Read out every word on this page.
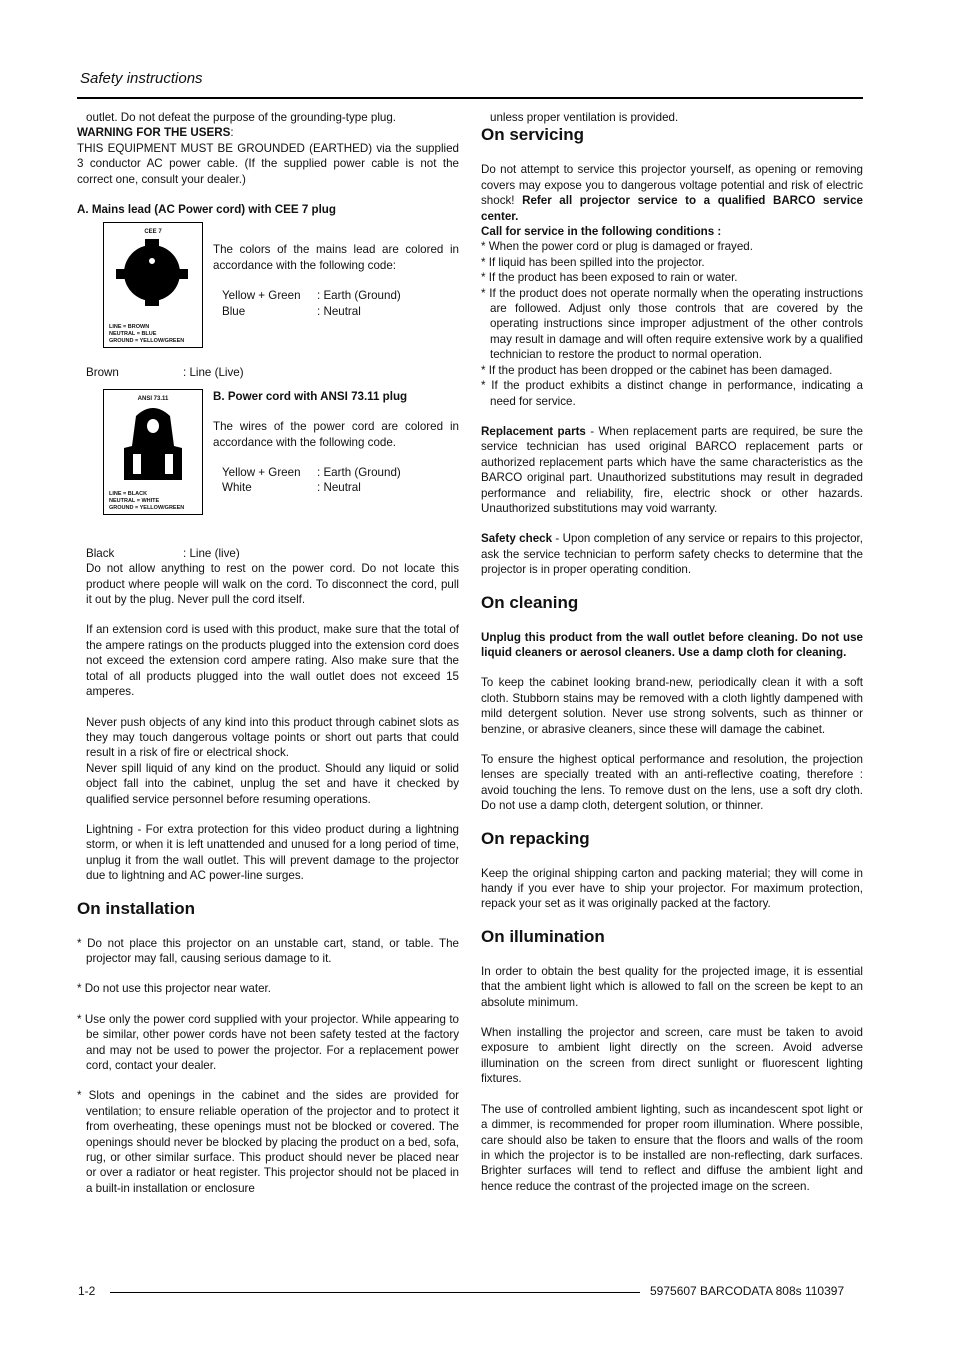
Safety instructions

outlet. Do not defeat the purpose of the grounding-type plug.

WARNING FOR THE USERS:

THIS EQUIPMENT MUST BE GROUNDED (EARTHED) via the supplied 3 conductor AC power cable. (If the supplied power cable is not the correct one, consult your dealer.)

A. Mains lead (AC Power cord) with CEE 7 plug

CEE 7
LINE = BROWN
NEUTRAL = BLUE
GROUND = YELLOW/GREEN

The colors of the mains lead are colored in accordance with the following code:

Yellow + Green	: Earth (Ground)
Blue	: Neutral
Brown	: Line (Live)
ANSI 73.11
LINE = BLACK
NEUTRAL = WHITE
GROUND = YELLOW/GREEN

B. Power cord with ANSI 73.11 plug

The wires of the power cord are colored in accordance with the following code.

Yellow + Green	: Earth (Ground)
White	: Neutral
Black	: Line (live)

Do not allow anything to rest on the power cord. Do not locate this product where people will walk on the cord. To disconnect the cord, pull it out by the plug. Never pull the cord itself.

If an extension cord is used with this product, make sure that the total of the ampere ratings on the products plugged into the extension cord does not exceed the extension cord ampere rating. Also make sure that the total of all products plugged into the wall outlet does not exceed 15 amperes.

Never push objects of any kind into this product through cabinet slots as they may touch dangerous voltage points or short out parts that could result in a risk of fire or electrical shock.

Never spill liquid of any kind on the product. Should any liquid or solid object fall into the cabinet, unplug the set and have it checked by qualified service personnel before resuming operations.

Lightning - For extra protection for this video product during a lightning storm, or when it is left unattended and unused for a long period of time, unplug it from the wall outlet. This will prevent damage to the projector due to lightning and AC power-line surges.

On installation

* Do not place this projector on an unstable cart, stand, or table. The projector may fall, causing serious damage to it.

* Do not use this projector near water.

* Use only the power cord supplied with your projector. While appearing to be similar, other power cords have not been safety tested at the factory and may not be used to power the projector. For a replacement power cord, contact your dealer.

* Slots and openings in the cabinet and the sides are provided for ventilation; to ensure reliable operation of the projector and to protect it from overheating, these openings must not be blocked or covered. The openings should never be blocked by placing the product on a bed, sofa, rug, or other similar surface. This product should never be placed near or over a radiator or heat register. This projector should not be placed in a built-in installation or enclosure

unless proper ventilation is provided.

On servicing

Do not attempt to service this projector yourself, as opening or removing covers may expose you to dangerous voltage potential and risk of electric shock! Refer all projector service to a qualified BARCO service center.

Call for service in the following conditions :

* When the power cord or plug is damaged or frayed.

* If liquid has been spilled into the projector.

* If the product has been exposed to rain or water.

* If the product does not operate normally when the operating instructions are followed. Adjust only those controls that are covered by the operating instructions since improper adjustment of the other controls may result in damage and will often require extensive work by a qualified technician to restore the product to normal operation.

* If the product has been dropped or the cabinet has been damaged.

* If the product exhibits a distinct change in performance, indicating a need for service.

Replacement parts - When replacement parts are required, be sure the service technician has used original BARCO replacement parts or authorized replacement parts which have the same characteristics as the BARCO original part. Unauthorized substitutions may result in degraded performance and reliability, fire, electric shock or other hazards. Unauthorized substitutions may void warranty.

Safety check - Upon completion of any service or repairs to this projector, ask the service technician to perform safety checks to determine that the projector is in proper operating condition.

On cleaning

Unplug this product from the wall outlet before cleaning. Do not use liquid cleaners or aerosol cleaners. Use a damp cloth for cleaning.

To keep the cabinet looking brand-new, periodically clean it with a soft cloth. Stubborn stains may be removed with a cloth lightly dampened with mild detergent solution. Never use strong solvents, such as thinner or benzine, or abrasive cleaners, since these will damage the cabinet.

To ensure the highest optical performance and resolution, the projection lenses are specially treated with an anti-reflective coating, therefore : avoid touching the lens. To remove dust on the lens, use a soft dry cloth. Do not use a damp cloth, detergent solution, or thinner.

On repacking

Keep the original shipping carton and packing material; they will come in handy if you ever have to ship your projector. For maximum protection, repack your set as it was originally packed at the factory.

On illumination

In order to obtain the best quality for the projected image, it is essential that the ambient light which is allowed to fall on the screen be kept to an absolute minimum.

When installing the projector and screen, care must be taken to avoid exposure to ambient light directly on the screen. Avoid adverse illumination on the screen from direct sunlight or fluorescent lighting fixtures.

The use of controlled ambient lighting, such as incandescent spot light or a dimmer, is recommended for proper room illumination. Where possible, care should also be taken to ensure that the floors and walls of the room in which the projector is to be installed are non-reflecting, dark surfaces. Brighter surfaces will tend to reflect and diffuse the ambient light and hence reduce the contrast of the projected image on the screen.

1-2	5975607 BARCODATA 808s 110397
